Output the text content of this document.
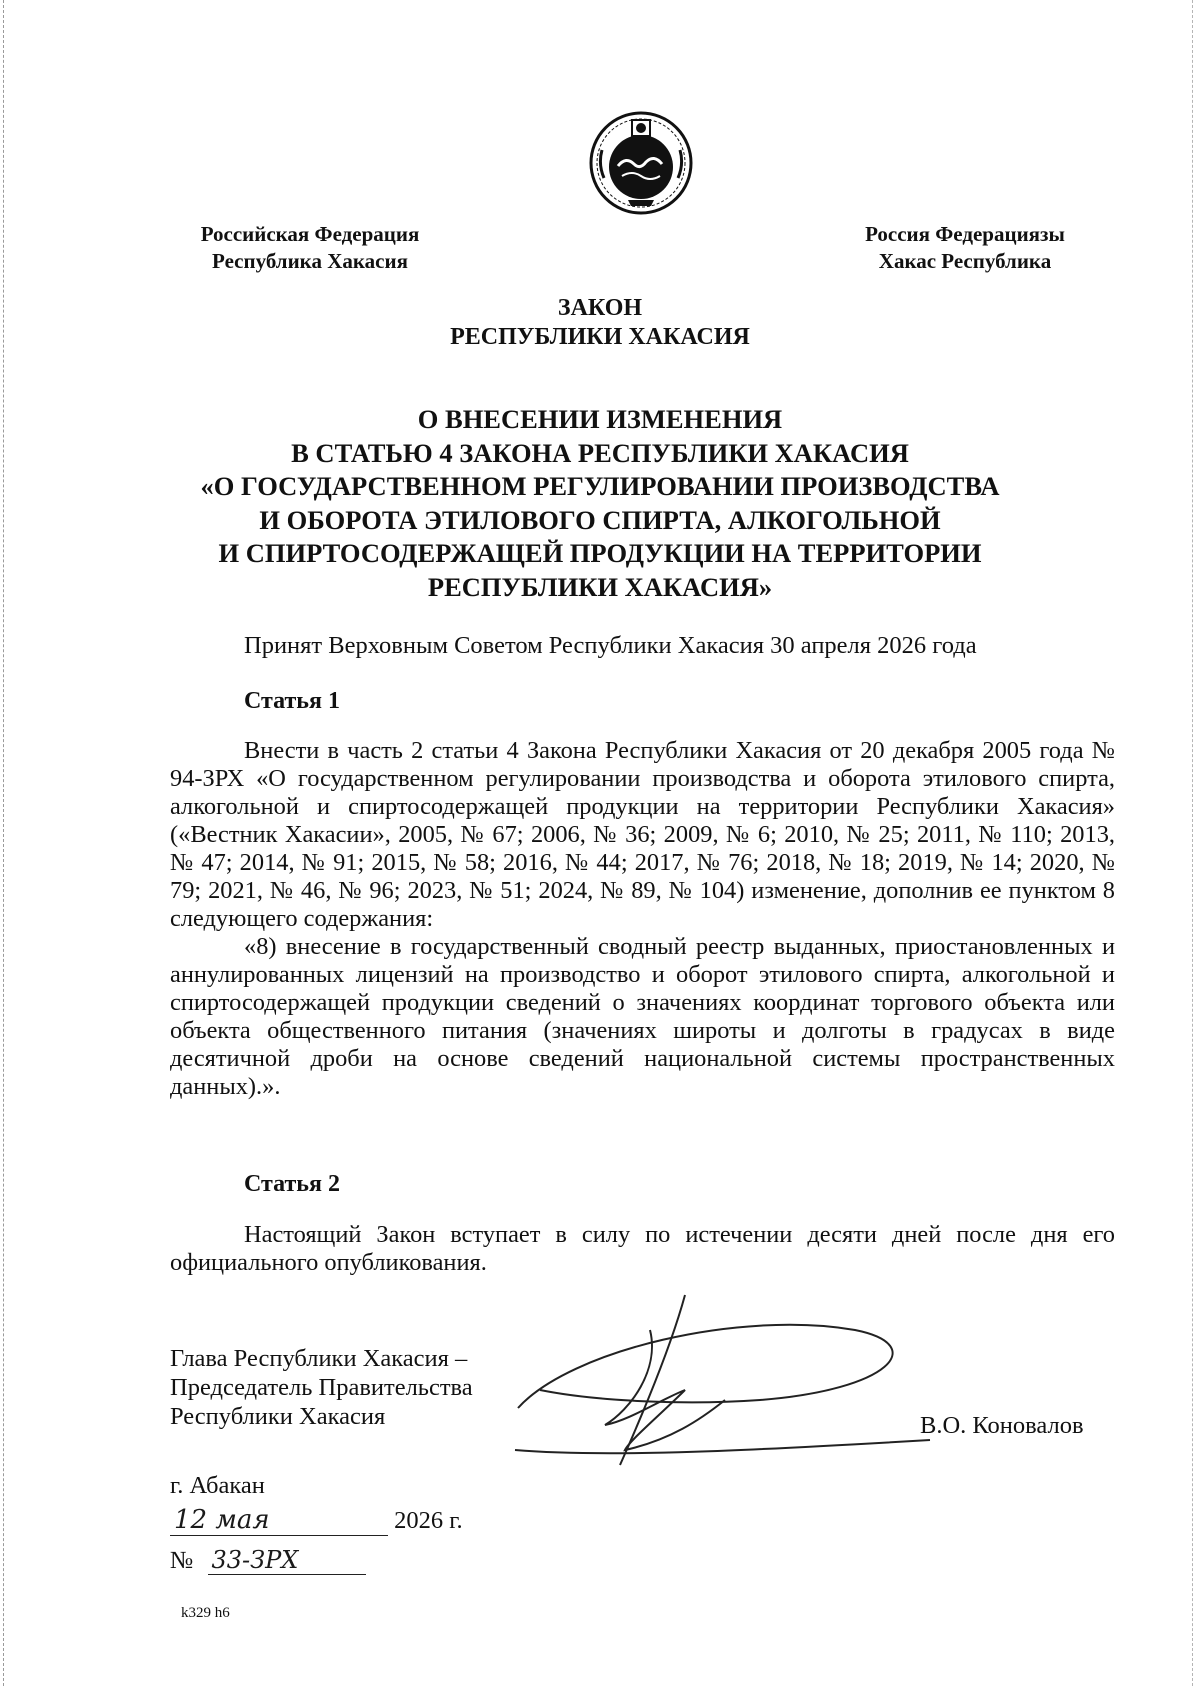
Российская Федерация
Республика Хакасия
Россия Федерациязы
Хакас Республика
ЗАКОН
РЕСПУБЛИКИ ХАКАСИЯ
О ВНЕСЕНИИ ИЗМЕНЕНИЯ
В СТАТЬЮ 4 ЗАКОНА РЕСПУБЛИКИ ХАКАСИЯ
«О ГОСУДАРСТВЕННОМ РЕГУЛИРОВАНИИ ПРОИЗВОДСТВА
И ОБОРОТА ЭТИЛОВОГО СПИРТА, АЛКОГОЛЬНОЙ
И СПИРТОСОДЕРЖАЩЕЙ ПРОДУКЦИИ НА ТЕРРИТОРИИ
РЕСПУБЛИКИ ХАКАСИЯ»
Принят Верховным Советом Республики Хакасия 30 апреля 2026 года
Статья 1

Внести в часть 2 статьи 4 Закона Республики Хакасия от 20 декабря 2005 года № 94-ЗРХ «О государственном регулировании производства и оборота этилового спирта, алкогольной и спиртосодержащей продукции на территории Республики Хакасия» («Вестник Хакасии», 2005, № 67; 2006, № 36; 2009, № 6; 2010, № 25; 2011, № 110; 2013, № 47; 2014, № 91; 2015, № 58; 2016, № 44; 2017, № 76; 2018, № 18; 2019, № 14; 2020, № 79; 2021, № 46, № 96; 2023, № 51; 2024, № 89, № 104) изменение, дополнив ее пунктом 8 следующего содержания:

«8) внесение в государственный сводный реестр выданных, приостановленных и аннулированных лицензий на производство и оборот этилового спирта, алкогольной и спиртосодержащей продукции сведений о значениях координат торгового объекта или объекта общественного питания (значениях широты и долготы в градусах в виде десятичной дроби на основе сведений национальной системы пространственных данных).».

Статья 2

Настоящий Закон вступает в силу по истечении десяти дней после дня его официального опубликования.

Глава Республики Хакасия –
Председатель Правительства
Республики Хакасия	В.О. Коновалов
г. Абакан
12 мая	2026 г.
№ 33-ЗРХ
k329 h6
